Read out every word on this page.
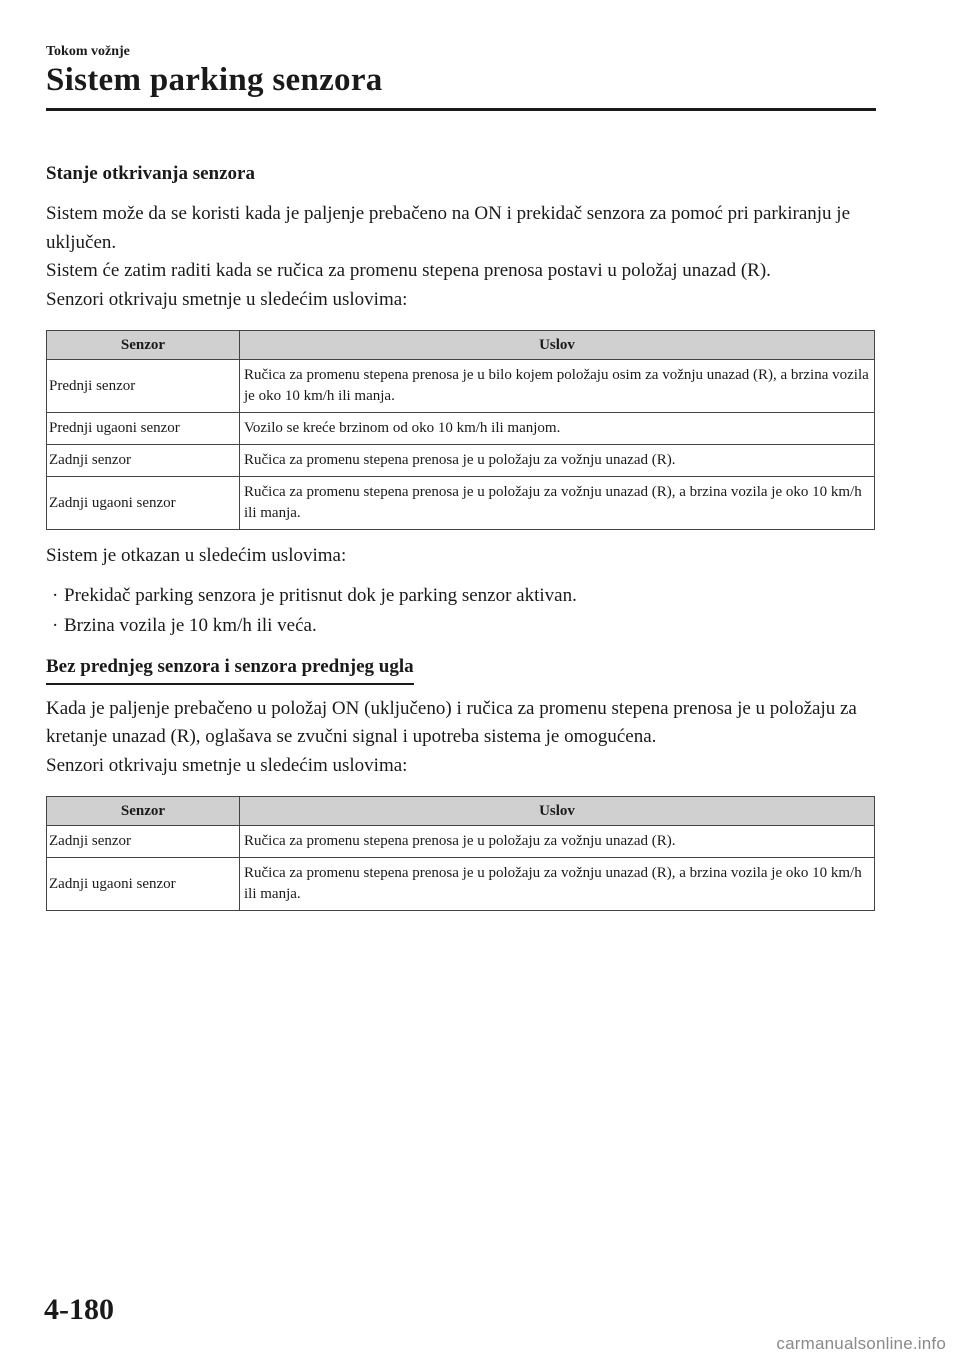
Tokom vožnje
Sistem parking senzora
Stanje otkrivanja senzora

Sistem može da se koristi kada je paljenje prebačeno na ON i prekidač senzora za pomoć pri parkiranju je uključen.

Sistem će zatim raditi kada se ručica za promenu stepena prenosa postavi u položaj unazad (R).

Senzori otkrivaju smetnje u sledećim uslovima:

Senzor	Uslov
Prednji senzor	Ručica za promenu stepena prenosa je u bilo kojem položaju osim za vožnju unazad (R), a brzina vozila je oko 10 km/h ili manja.
Prednji ugaoni senzor	Vozilo se kreće brzinom od oko 10 km/h ili manjom.
Zadnji senzor	Ručica za promenu stepena prenosa je u položaju za vožnju unazad (R).
Zadnji ugaoni senzor	Ručica za promenu stepena prenosa je u položaju za vožnju unazad (R), a brzina vozila je oko 10 km/h ili manja.

Sistem je otkazan u sledećim uslovima:

· Prekidač parking senzora je pritisnut dok je parking senzor aktivan.
· Brzina vozila je 10 km/h ili veća.
Bez prednjeg senzora i senzora prednjeg ugla

Kada je paljenje prebačeno u položaj ON (uključeno) i ručica za promenu stepena prenosa je u položaju za kretanje unazad (R), oglašava se zvučni signal i upotreba sistema je omogućena.

Senzori otkrivaju smetnje u sledećim uslovima:

Senzor	Uslov
Zadnji senzor	Ručica za promenu stepena prenosa je u položaju za vožnju unazad (R).
Zadnji ugaoni senzor	Ručica za promenu stepena prenosa je u položaju za vožnju unazad (R), a brzina vozila je oko 10 km/h ili manja.
4-180
carmanualsonline.info
